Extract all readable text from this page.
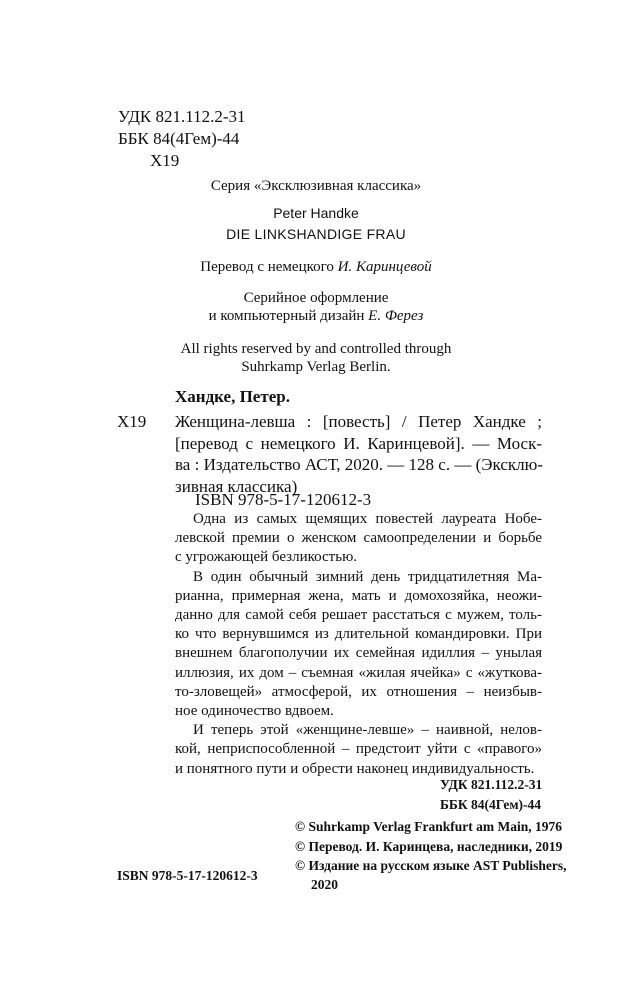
УДК 821.112.2-31
ББК 84(4Гем)-44
Х19
Серия «Эксклюзивная классика»
Peter Handke
DIE LINKSHANDIGE FRAU
Перевод с немецкого И. Каринцевой
Серийное оформление
и компьютерный дизайн Е. Ферез
All rights reserved by and controlled through
Suhrkamp Verlag Berlin.
Хандке, Петер.
Х19 Женщина-левша : [повесть] / Петер Хандке ;
[перевод с немецкого И. Каринцевой]. — Моск-
ва : Издательство АСТ, 2020. — 128 с. — (Эксклю-
зивная классика)
ISBN 978-5-17-120612-3
Одна из самых щемящих повестей лауреата Нобе-
левской премии о женском самоопределении и борьбе
с угрожающей безликостью.
В один обычный зимний день тридцатилетняя Ма-
рианна, примерная жена, мать и домохозяйка, неожи-
данно для самой себя решает расстаться с мужем, толь-
ко что вернувшимся из длительной командировки. При
внешнем благополучии их семейная идиллия – унылая
иллюзия, их дом – съемная «жилая ячейка» с «жуткова-
то-зловещей» атмосферой, их отношения – неизбыв-
ное одиночество вдвоем.
И теперь этой «женщине-левше» – наивной, нелов-
кой, неприспособленной – предстоит уйти с «правого»
и понятного пути и обрести наконец индивидуальность.
УДК 821.112.2-31
ББК 84(4Гем)-44
© Suhrkamp Verlag Frankfurt am Main, 1976
© Перевод. И. Каринцева, наследники, 2019
© Издание на русском языке AST Publishers,
2020
ISBN 978-5-17-120612-3
